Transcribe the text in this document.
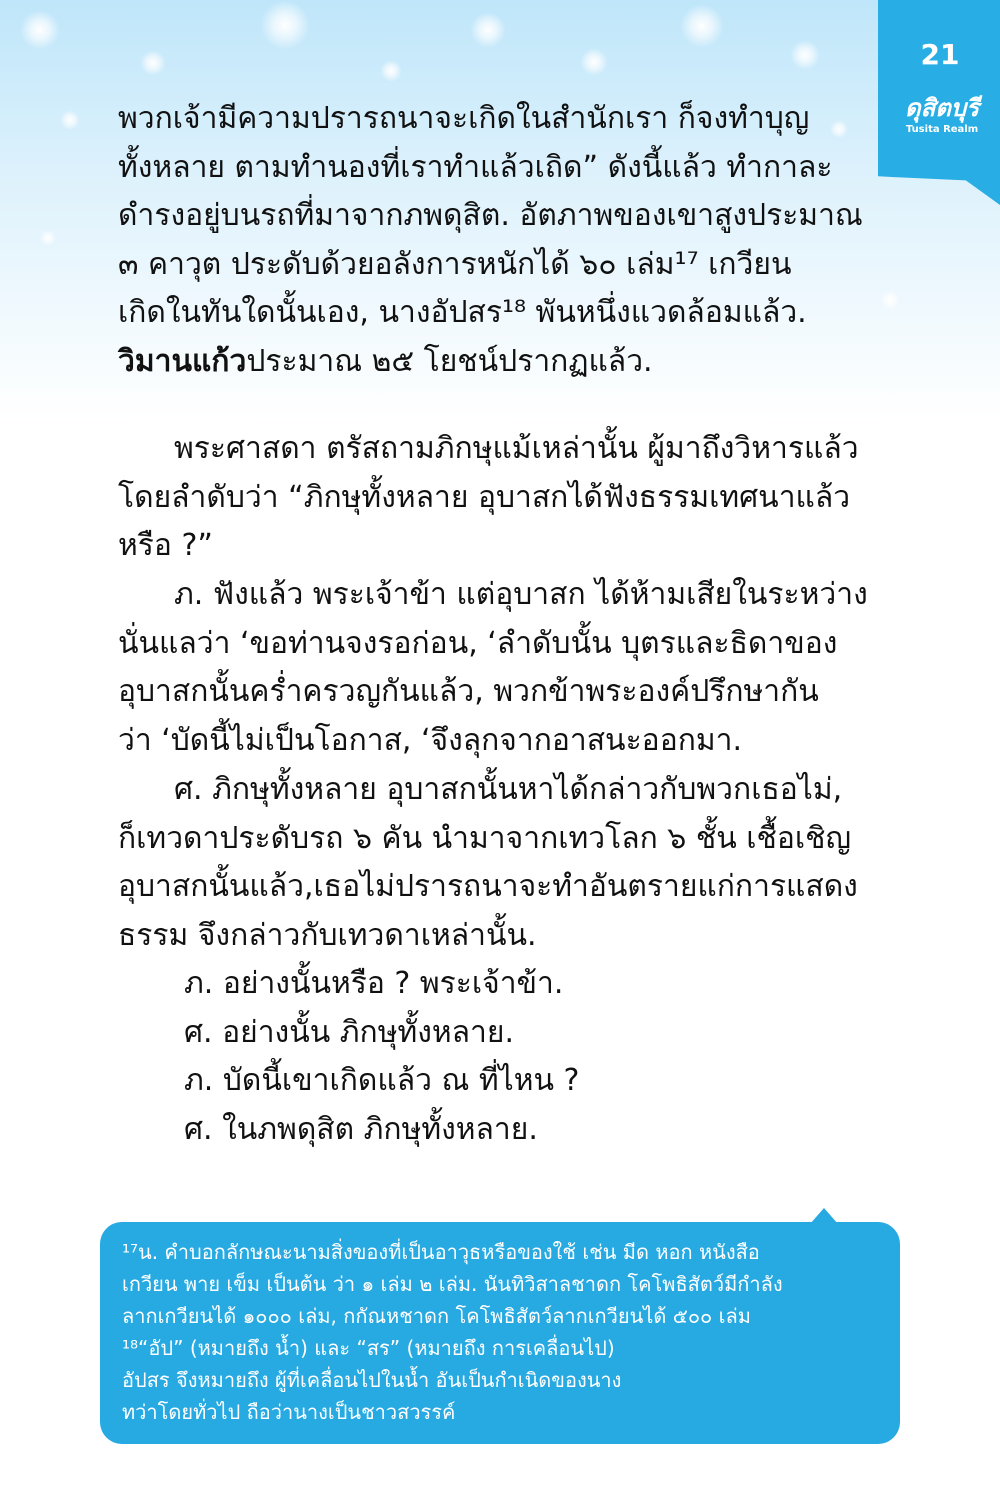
21
ดุสิตบุรี
Tusita Realm

พวกเจ้ามีความปรารถนาจะเกิดในสำนักเรา ก็จงทำบุญ

ทั้งหลาย ตามทำนองที่เราทำแล้วเถิด” ดังนี้แล้ว ทำกาละ

ดำรงอยู่บนรถที่มาจากภพดุสิต. อัตภาพของเขาสูงประมาณ

๓ คาวุต ประดับด้วยอลังการหนักได้ ๖๐ เล่ม¹⁷ เกวียน

เกิดในทันใดนั้นเอง, นางอัปสร¹⁸ พันหนึ่งแวดล้อมแล้ว.

วิมานแก้วประมาณ ๒๕ โยชน์ปรากฏแล้ว.

พระศาสดา ตรัสถามภิกษุแม้เหล่านั้น ผู้มาถึงวิหารแล้ว

โดยลำดับว่า “ภิกษุทั้งหลาย อุบาสกได้ฟังธรรมเทศนาแล้ว

หรือ ?”

ภ. ฟังแล้ว พระเจ้าข้า แต่อุบาสก ได้ห้ามเสียในระหว่าง

นั่นแลว่า ‘ขอท่านจงรอก่อน, ‘ลำดับนั้น บุตรและธิดาของ

อุบาสกนั้นคร่ำครวญกันแล้ว, พวกข้าพระองค์ปรึกษากัน

ว่า ‘บัดนี้ไม่เป็นโอกาส, ‘จึงลุกจากอาสนะออกมา.

ศ. ภิกษุทั้งหลาย อุบาสกนั้นหาได้กล่าวกับพวกเธอไม่,

ก็เทวดาประดับรถ ๖ คัน นำมาจากเทวโลก ๖ ชั้น เชื้อเชิญ

อุบาสกนั้นแล้ว,เธอไม่ปรารถนาจะทำอันตรายแก่การแสดง

ธรรม จึงกล่าวกับเทวดาเหล่านั้น.

ภ. อย่างนั้นหรือ ? พระเจ้าข้า.

ศ. อย่างนั้น ภิกษุทั้งหลาย.

ภ. บัดนี้เขาเกิดแล้ว ณ ที่ไหน ?

ศ. ในภพดุสิต ภิกษุทั้งหลาย.

¹⁷น. คำบอกลักษณะนามสิ่งของที่เป็นอาวุธหรือของใช้ เช่น มีด หอก หนังสือ

เกวียน พาย เข็ม เป็นต้น ว่า ๑ เล่ม ๒ เล่ม. นันทิวิสาลชาดก โคโพธิสัตว์มีกำลัง

ลากเกวียนได้ ๑๐๐๐ เล่ม, กกัณหชาดก โคโพธิสัตว์ลากเกวียนได้ ๕๐๐ เล่ม

¹⁸“อัป” (หมายถึง น้ำ) และ “สร” (หมายถึง การเคลื่อนไป)

อัปสร จึงหมายถึง ผู้ที่เคลื่อนไปในน้ำ อันเป็นกำเนิดของนาง

ทว่าโดยทั่วไป ถือว่านางเป็นชาวสวรรค์
